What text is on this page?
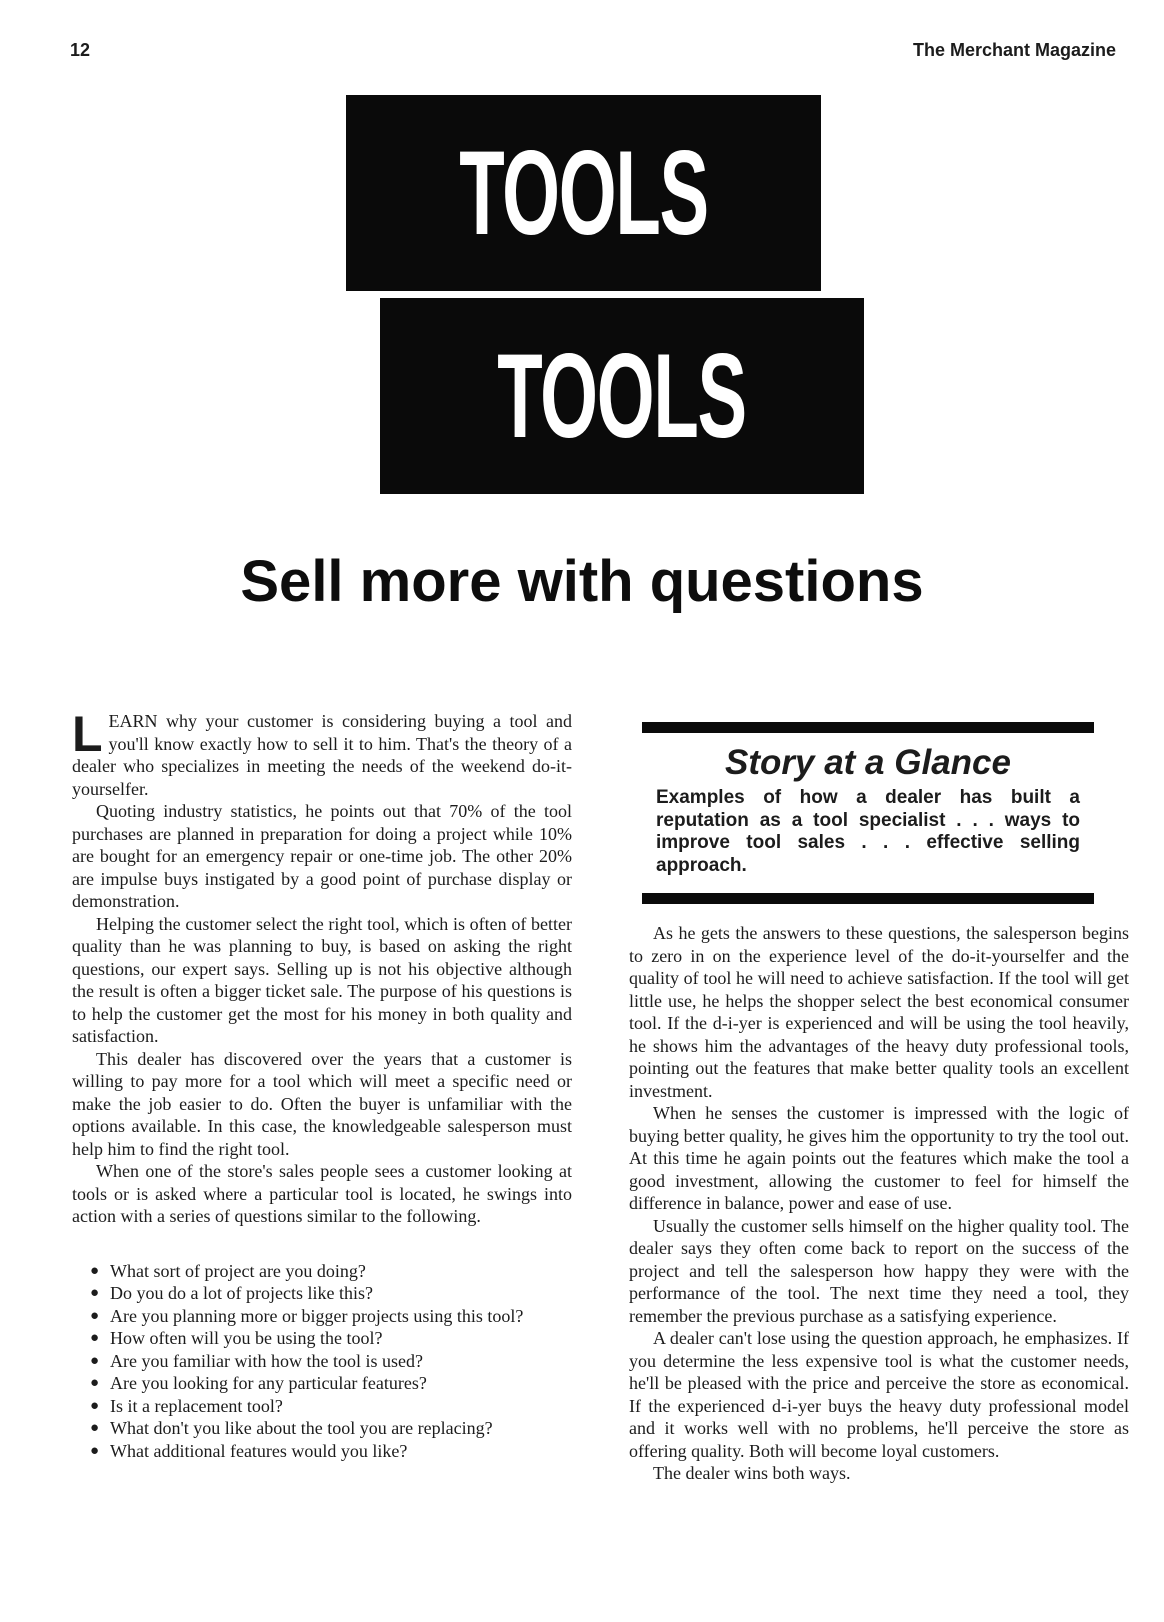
12	The Merchant Magazine
TOOLS
TOOLS
Sell more with questions

LEARN why your customer is considering buying a tool and you'll know exactly how to sell it to him. That's the theory of a dealer who specializes in meeting the needs of the weekend do-it-yourselfer.

Quoting industry statistics, he points out that 70% of the tool purchases are planned in preparation for doing a project while 10% are bought for an emergency repair or one-time job. The other 20% are impulse buys instigated by a good point of purchase display or demonstration.

Helping the customer select the right tool, which is often of better quality than he was planning to buy, is based on asking the right questions, our expert says. Selling up is not his objective although the result is often a bigger ticket sale. The purpose of his questions is to help the customer get the most for his money in both quality and satisfaction.

This dealer has discovered over the years that a customer is willing to pay more for a tool which will meet a specific need or make the job easier to do. Often the buyer is unfamiliar with the options available. In this case, the knowledgeable salesperson must help him to find the right tool.

When one of the store's sales people sees a customer looking at tools or is asked where a particular tool is located, he swings into action with a series of questions similar to the following.

● What sort of project are you doing?
● Do you do a lot of projects like this?
● Are you planning more or bigger projects using this tool?
● How often will you be using the tool?
● Are you familiar with how the tool is used?
● Are you looking for any particular features?
● Is it a replacement tool?
● What don't you like about the tool you are replacing?
● What additional features would you like?
Story at a Glance
Examples of how a dealer has built a reputation as a tool specialist . . . ways to improve tool sales . . . effective selling approach.

As he gets the answers to these questions, the salesperson begins to zero in on the experience level of the do-it-yourselfer and the quality of tool he will need to achieve satisfaction. If the tool will get little use, he helps the shopper select the best economical consumer tool. If the d-i-yer is experienced and will be using the tool heavily, he shows him the advantages of the heavy duty professional tools, pointing out the features that make better quality tools an excellent investment.

When he senses the customer is impressed with the logic of buying better quality, he gives him the opportunity to try the tool out. At this time he again points out the features which make the tool a good investment, allowing the customer to feel for himself the difference in balance, power and ease of use.

Usually the customer sells himself on the higher quality tool. The dealer says they often come back to report on the success of the project and tell the salesperson how happy they were with the performance of the tool. The next time they need a tool, they remember the previous purchase as a satisfying experience.

A dealer can't lose using the question approach, he emphasizes. If you determine the less expensive tool is what the customer needs, he'll be pleased with the price and perceive the store as economical. If the experienced d-i-yer buys the heavy duty professional model and it works well with no problems, he'll perceive the store as offering quality. Both will become loyal customers.

The dealer wins both ways.
